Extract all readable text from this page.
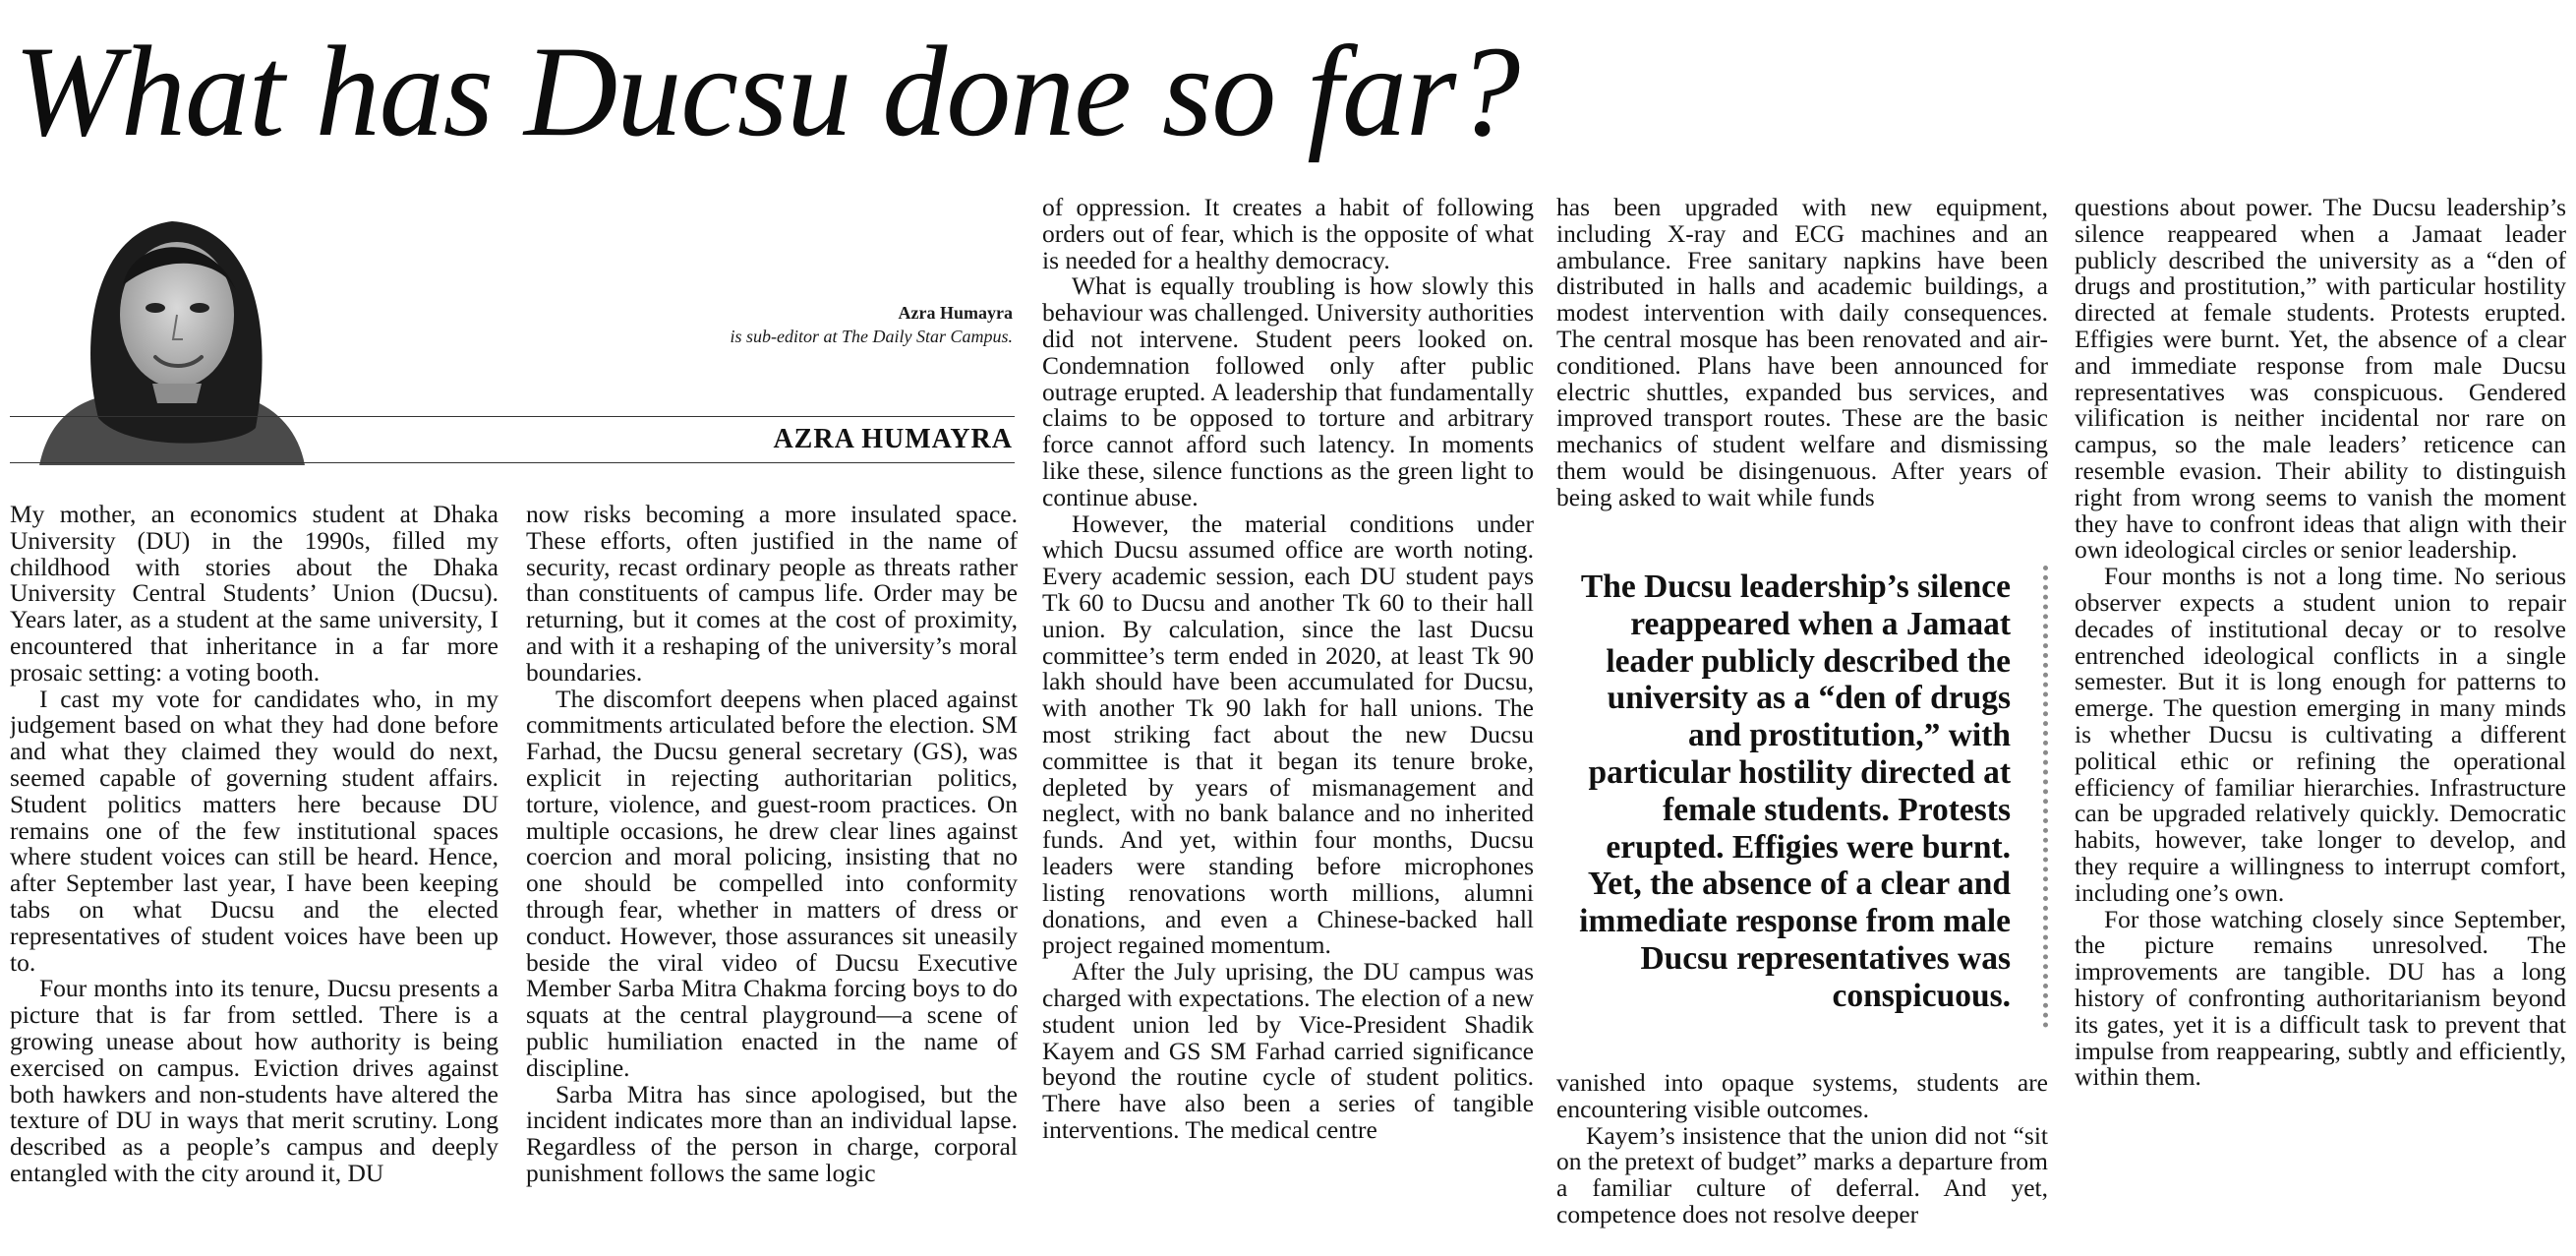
What has Ducsu done so far?
Azra Humayra
is sub-editor at The Daily Star Campus.
AZRA HUMAYRA

My mother, an economics student at Dhaka University (DU) in the 1990s, filled my childhood with stories about the Dhaka University Central Students’ Union (Ducsu). Years later, as a student at the same university, I encountered that inheritance in a far more prosaic setting: a voting booth.

I cast my vote for candidates who, in my judgement based on what they had done before and what they claimed they would do next, seemed capable of governing student affairs. Student politics matters here because DU remains one of the few institutional spaces where student voices can still be heard. Hence, after September last year, I have been keeping tabs on what Ducsu and the elected representatives of student voices have been up to.

Four months into its tenure, Ducsu presents a picture that is far from settled. There is a growing unease about how authority is being exercised on campus. Eviction drives against both hawkers and non-students have altered the texture of DU in ways that merit scrutiny. Long described as a people’s campus and deeply entangled with the city around it, DU

now risks becoming a more insulated space. These efforts, often justified in the name of security, recast ordinary people as threats rather than constituents of campus life. Order may be returning, but it comes at the cost of proximity, and with it a reshaping of the university’s moral boundaries.

The discomfort deepens when placed against commitments articulated before the election. SM Farhad, the Ducsu general secretary (GS), was explicit in rejecting authoritarian politics, torture, violence, and guest-room practices. On multiple occasions, he drew clear lines against coercion and moral policing, insisting that no one should be compelled into conformity through fear, whether in matters of dress or conduct. However, those assurances sit uneasily beside the viral video of Ducsu Executive Member Sarba Mitra Chakma forcing boys to do squats at the central playground—a scene of public humiliation enacted in the name of discipline.

Sarba Mitra has since apologised, but the incident indicates more than an individual lapse. Regardless of the person in charge, corporal punishment follows the same logic

of oppression. It creates a habit of following orders out of fear, which is the opposite of what is needed for a healthy democracy.

What is equally troubling is how slowly this behaviour was challenged. University authorities did not intervene. Student peers looked on. Condemnation followed only after public outrage erupted. A leadership that fundamentally claims to be opposed to torture and arbitrary force cannot afford such latency. In moments like these, silence functions as the green light to continue abuse.

However, the material conditions under which Ducsu assumed office are worth noting. Every academic session, each DU student pays Tk 60 to Ducsu and another Tk 60 to their hall union. By calculation, since the last Ducsu committee’s term ended in 2020, at least Tk 90 lakh should have been accumulated for Ducsu, with another Tk 90 lakh for hall unions. The most striking fact about the new Ducsu committee is that it began its tenure broke, depleted by years of mismanagement and neglect, with no bank balance and no inherited funds. And yet, within four months, Ducsu leaders were standing before microphones listing renovations worth millions, alumni donations, and even a Chinese-backed hall project regained momentum.

After the July uprising, the DU campus was charged with expectations. The election of a new student union led by Vice-President Shadik Kayem and GS SM Farhad carried significance beyond the routine cycle of student politics. There have also been a series of tangible interventions. The medical centre

has been upgraded with new equipment, including X-ray and ECG machines and an ambulance. Free sanitary napkins have been distributed in halls and academic buildings, a modest intervention with daily consequences. The central mosque has been renovated and air-conditioned. Plans have been announced for electric shuttles, expanded bus services, and improved transport routes. These are the basic mechanics of student welfare and dismissing them would be disingenuous. After years of being asked to wait while funds

The Ducsu leadership’s silence reappeared when a Jamaat leader publicly described the university as a “den of drugs and prostitution,” with particular hostility directed at female students. Protests erupted. Effigies were burnt. Yet, the absence of a clear and immediate response from male Ducsu representatives was conspicuous.

vanished into opaque systems, students are encountering visible outcomes.

Kayem’s insistence that the union did not “sit on the pretext of budget” marks a departure from a familiar culture of deferral. And yet, competence does not resolve deeper

questions about power. The Ducsu leadership’s silence reappeared when a Jamaat leader publicly described the university as a “den of drugs and prostitution,” with particular hostility directed at female students. Protests erupted. Effigies were burnt. Yet, the absence of a clear and immediate response from male Ducsu representatives was conspicuous. Gendered vilification is neither incidental nor rare on campus, so the male leaders’ reticence can resemble evasion. Their ability to distinguish right from wrong seems to vanish the moment they have to confront ideas that align with their own ideological circles or senior leadership.

Four months is not a long time. No serious observer expects a student union to repair decades of institutional decay or to resolve entrenched ideological conflicts in a single semester. But it is long enough for patterns to emerge. The question emerging in many minds is whether Ducsu is cultivating a different political ethic or refining the operational efficiency of familiar hierarchies. Infrastructure can be upgraded relatively quickly. Democratic habits, however, take longer to develop, and they require a willingness to interrupt comfort, including one’s own.

For those watching closely since September, the picture remains unresolved. The improvements are tangible. DU has a long history of confronting authoritarianism beyond its gates, yet it is a difficult task to prevent that impulse from reappearing, subtly and efficiently, within them.
